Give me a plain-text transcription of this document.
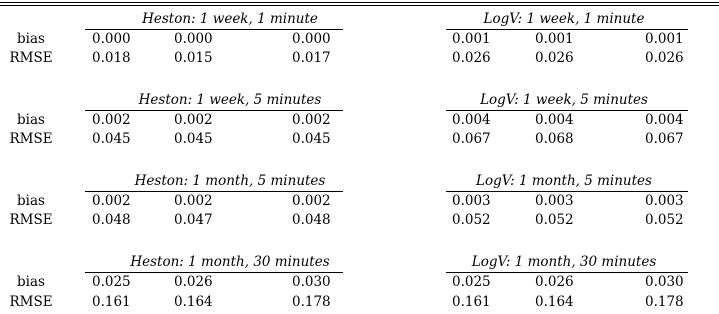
Heston: 1 week, 1 minute	LogV: 1 week, 1 minute
bias	0.000	0.000	0.000	0.001	0.001	0.001
RMSE	0.018	0.015	0.017	0.026	0.026	0.026
Heston: 1 week, 5 minutes	LogV: 1 week, 5 minutes
bias	0.002	0.002	0.002	0.004	0.004	0.004
RMSE	0.045	0.045	0.045	0.067	0.068	0.067
Heston: 1 month, 5 minutes	LogV: 1 month, 5 minutes
bias	0.002	0.002	0.002	0.003	0.003	0.003
RMSE	0.048	0.047	0.048	0.052	0.052	0.052
Heston: 1 month, 30 minutes	LogV: 1 month, 30 minutes
bias	0.025	0.026	0.030	0.025	0.026	0.030
RMSE	0.161	0.164	0.178	0.161	0.164	0.178
